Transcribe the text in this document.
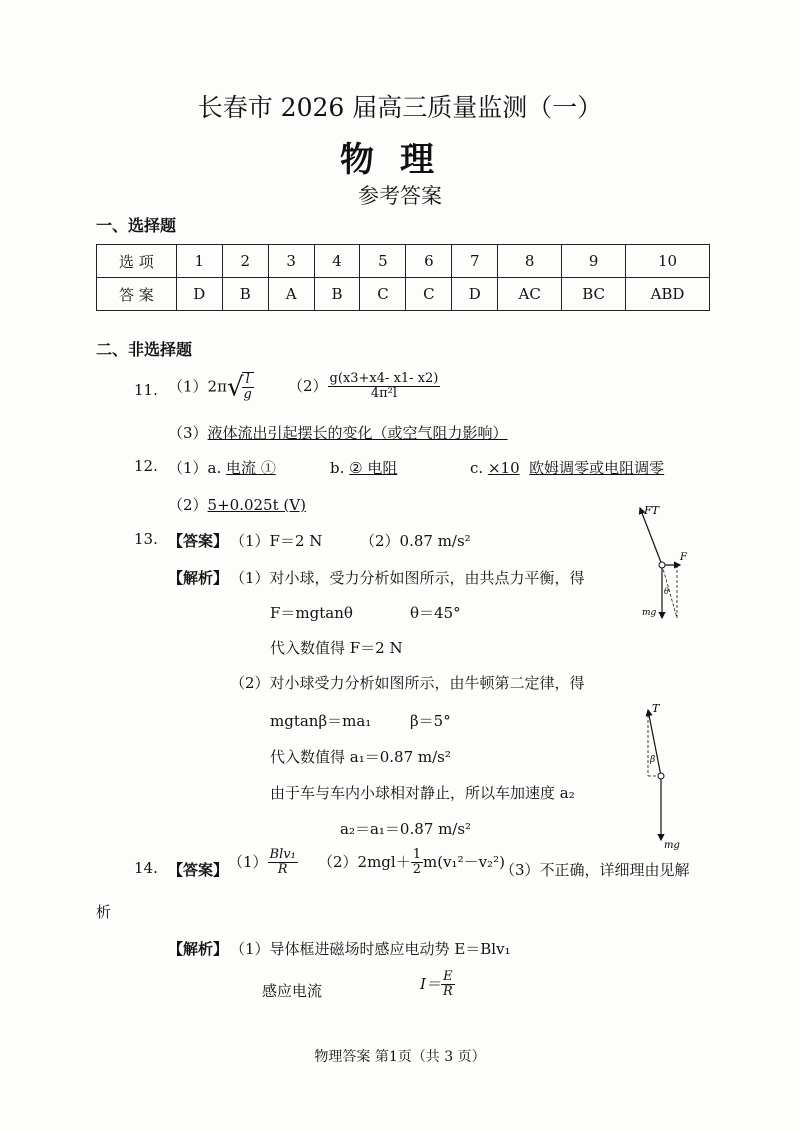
长春市 2026 届高三质量监测（一）
物理
参考答案
一、选择题
选 项	1	2	3	4	5	6	7	8	9	10
答 案	D	B	A	B	C	C	D	AC	BC	ABD
二、非选择题
11. （1）2π√
$\frac{l}{g} (2) \frac{g(x3+x4- x1- x2)}{\text{4π²l}}$
（3）液体流出引起摆长的变化（或空气阻力影响）
12. （1）a. 电流 ①	b. ② 电阻	c. ×10 欧姆调零或电阻调零
（2）5+0.025t (V)
13. 【答案】 （1）F＝2 N	（2）0.87 m/s²
【解析】 （1）对小球，受力分析如图所示，由共点力平衡，得
F＝mgtanθ	θ＝45°
代入数值得 F＝2 N
（2）对小球受力分析如图所示，由牛顿第二定律，得
mgtanβ＝ma₁	β＝5°
代入数值得 a₁＝0.87 m/s²
由于车与车内小球相对静止，所以车加速度 a₂
a₂＝a₁＝0.87 m/s²
FT
F
θ
mg
T
β
mg
14. 【答案】 $(1) \frac{\text{Blv₁}}{R} (2)2mgl+ \frac{1}{2} m(v_1^2-v_2^2)$
（3）不正确，详细理由见解
析
【解析】 （1）导体框进磁场时感应电动势 E＝Blv₁
感应电流	$I= \frac{E}{R}$
物理答案 第1页（共 3 页）
